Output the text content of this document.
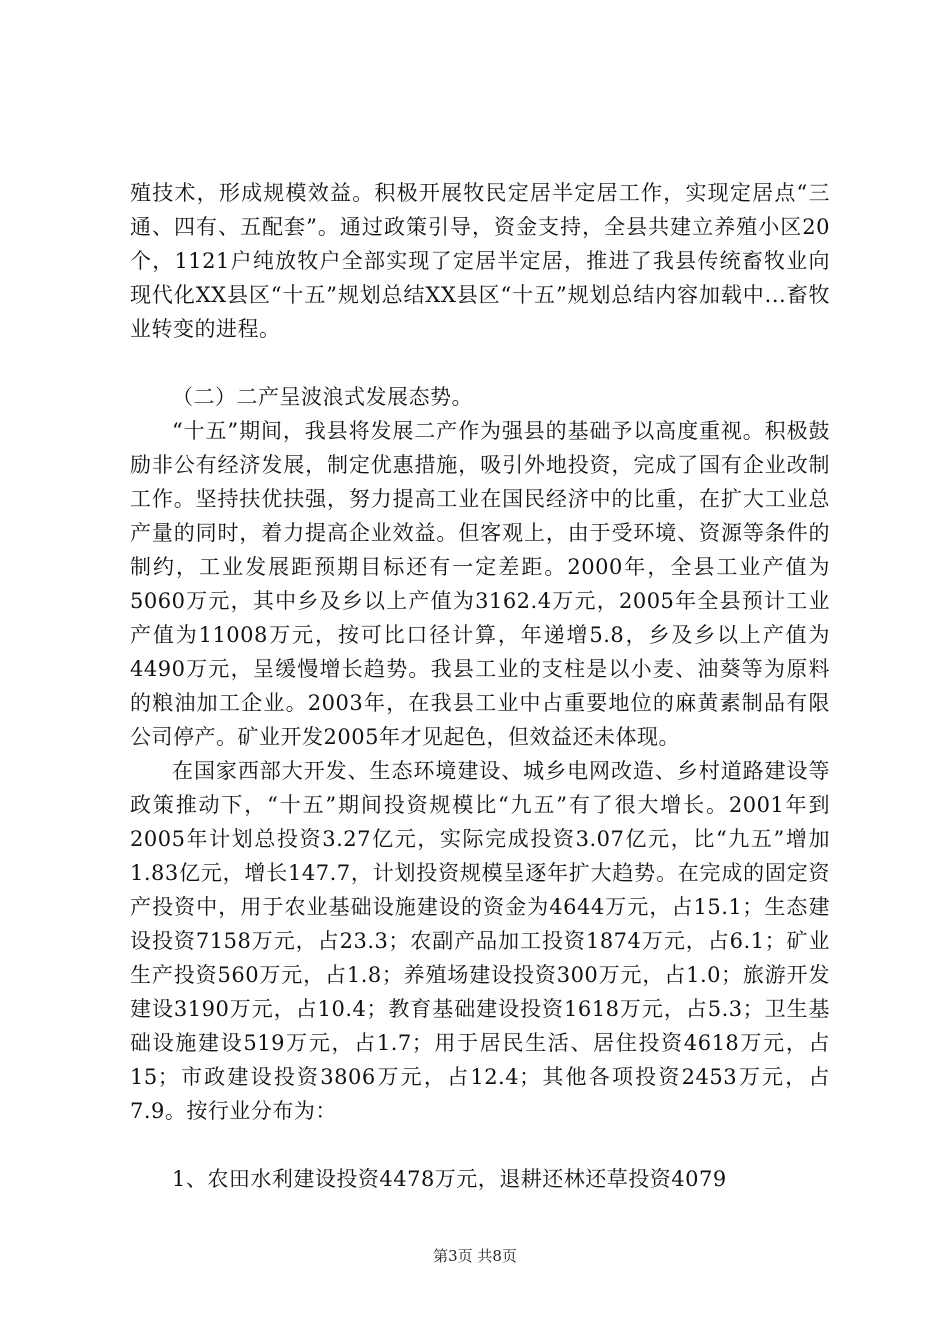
殖技术，形成规模效益。积极开展牧民定居半定居工作，实现定居点“三通、四有、五配套”。通过政策引导，资金支持，全县共建立养殖小区20个，1121户纯放牧户全部实现了定居半定居，推进了我县传统畜牧业向现代化XX县区“十五”规划总结XX县区“十五”规划总结内容加载中...畜牧业转变的进程。

（二）二产呈波浪式发展态势。

“十五”期间，我县将发展二产作为强县的基础予以高度重视。积极鼓励非公有经济发展，制定优惠措施，吸引外地投资，完成了国有企业改制工作。坚持扶优扶强，努力提高工业在国民经济中的比重，在扩大工业总产量的同时，着力提高企业效益。但客观上，由于受环境、资源等条件的制约，工业发展距预期目标还有一定差距。2000年，全县工业产值为5060万元，其中乡及乡以上产值为3162.4万元，2005年全县预计工业产值为11008万元，按可比口径计算，年递增5.8，乡及乡以上产值为4490万元，呈缓慢增长趋势。我县工业的支柱是以小麦、油葵等为原料的粮油加工企业。2003年，在我县工业中占重要地位的麻黄素制品有限公司停产。矿业开发2005年才见起色，但效益还未体现。

在国家西部大开发、生态环境建设、城乡电网改造、乡村道路建设等政策推动下，“十五”期间投资规模比“九五”有了很大增长。2001年到2005年计划总投资3.27亿元，实际完成投资3.07亿元，比“九五”增加1.83亿元，增长147.7，计划投资规模呈逐年扩大趋势。在完成的固定资产投资中，用于农业基础设施建设的资金为4644万元，占15.1；生态建设投资7158万元，占23.3；农副产品加工投资1874万元，占6.1；矿业生产投资560万元，占1.8；养殖场建设投资300万元，占1.0；旅游开发建设3190万元，占10.4；教育基础建设投资1618万元，占5.3；卫生基础设施建设519万元，占1.7；用于居民生活、居住投资4618万元，占15；市政建设投资3806万元，占12.4；其他各项投资2453万元，占7.9。按行业分布为：

1、农田水利建设投资4478万元，退耕还林还草投资4079

第3页 共8页
